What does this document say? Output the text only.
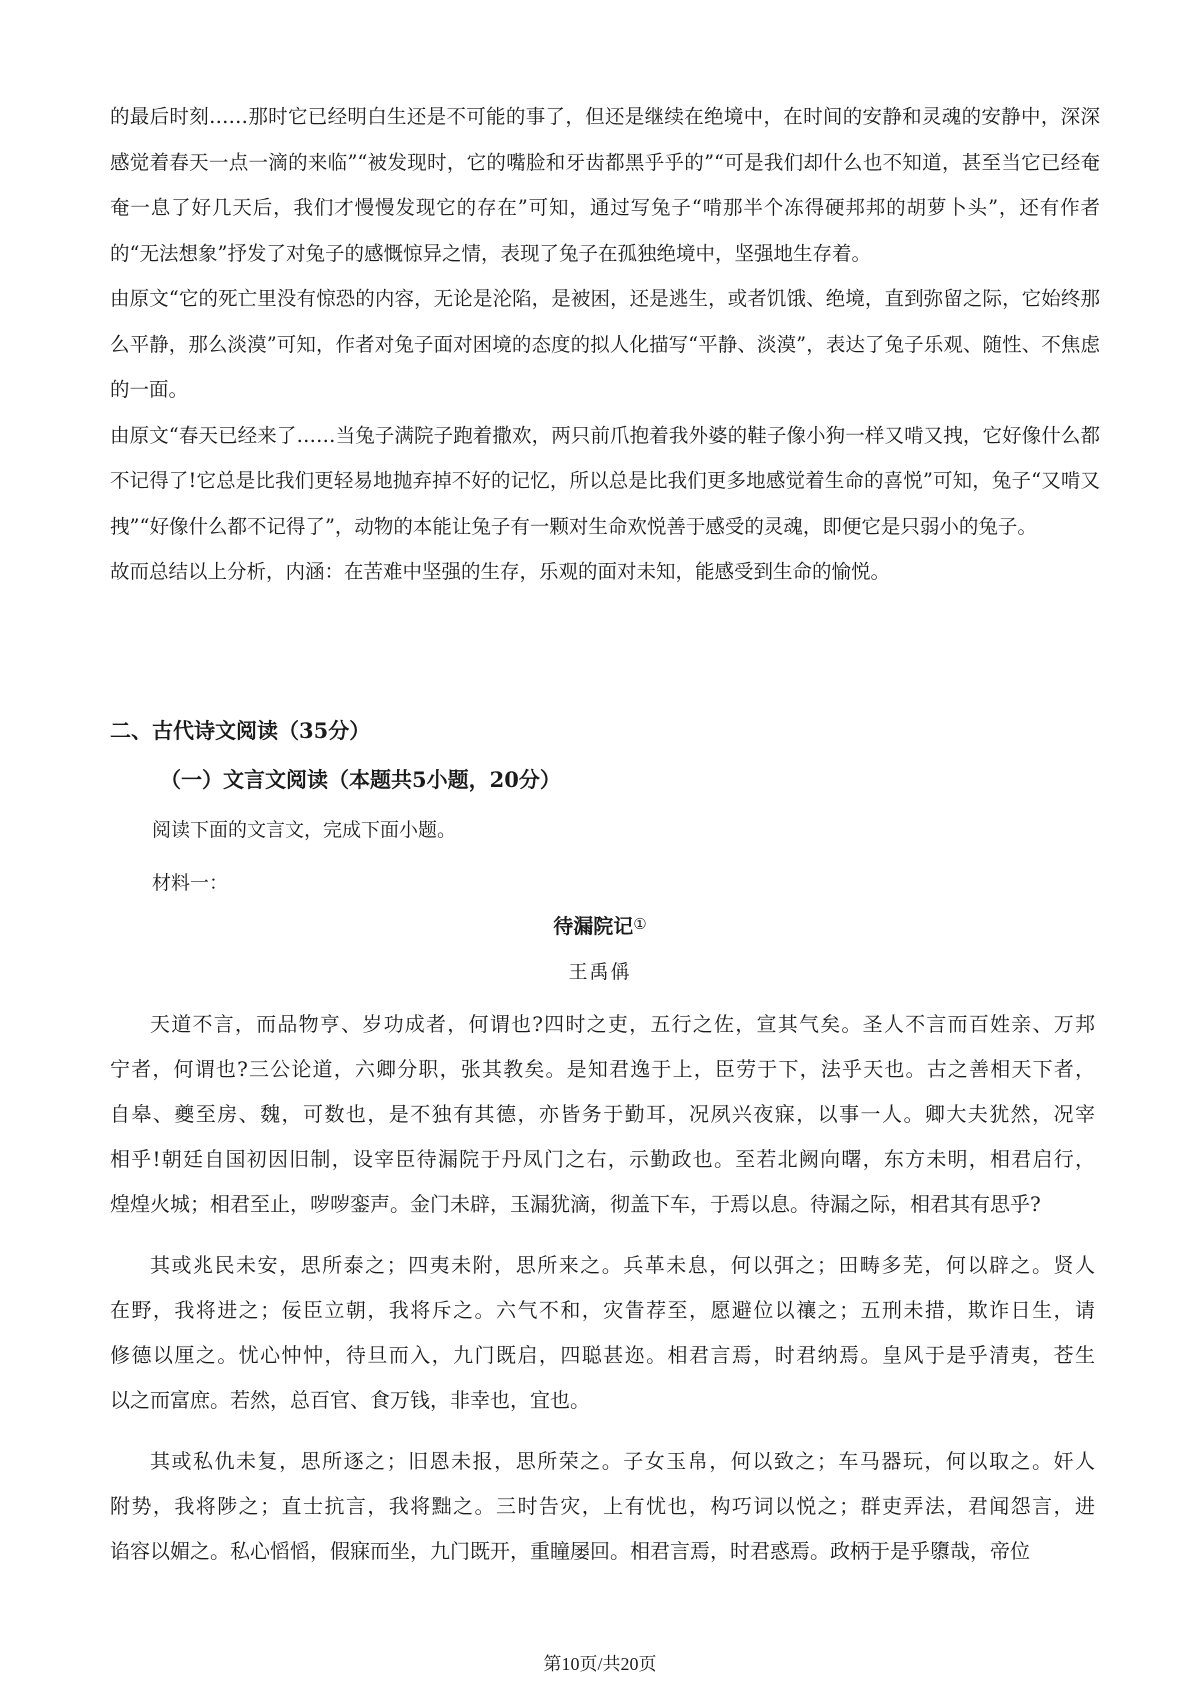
的最后时刻……那时它已经明白生还是不可能的事了，但还是继续在绝境中，在时间的安静和灵魂的安静中，深深感觉着春天一点一滴的来临”“被发现时，它的嘴脸和牙齿都黑乎乎的”“可是我们却什么也不知道，甚至当它已经奄奄一息了好几天后，我们才慢慢发现它的存在”可知，通过写兔子“啃那半个冻得硬邦邦的胡萝卜头”，还有作者的“无法想象”抒发了对兔子的感慨惊异之情，表现了兔子在孤独绝境中，坚强地生存着。

由原文“它的死亡里没有惊恐的内容，无论是沦陷，是被困，还是逃生，或者饥饿、绝境，直到弥留之际，它始终那么平静，那么淡漠”可知，作者对兔子面对困境的态度的拟人化描写“平静、淡漠”，表达了兔子乐观、随性、不焦虑的一面。

由原文“春天已经来了……当兔子满院子跑着撒欢，两只前爪抱着我外婆的鞋子像小狗一样又啃又拽，它好像什么都不记得了!它总是比我们更轻易地抛弃掉不好的记忆，所以总是比我们更多地感觉着生命的喜悦”可知，兔子“又啃又拽”“好像什么都不记得了”，动物的本能让兔子有一颗对生命欢悦善于感受的灵魂，即便它是只弱小的兔子。

故而总结以上分析，内涵：在苦难中坚强的生存，乐观的面对未知，能感受到生命的愉悦。

二、古代诗文阅读（35分）
（一）文言文阅读（本题共5小题，20分）
阅读下面的文言文，完成下面小题。
材料一：
待漏院记①
王禹偁
天道不言，而品物亨、岁功成者，何谓也?四时之吏，五行之佐，宣其气矣。圣人不言而百姓亲、万邦
宁者，何谓也?三公论道，六卿分职，张其教矣。是知君逸于上，臣劳于下，法乎天也。古之善相天下者，
自皋、夔至房、魏，可数也，是不独有其德，亦皆务于勤耳，况夙兴夜寐，以事一人。卿大夫犹然，况宰
相乎!朝廷自国初因旧制，设宰臣待漏院于丹凤门之右，示勤政也。至若北阙向曙，东方未明，相君启行，
煌煌火城；相君至止，哕哕銮声。金门未辟，玉漏犹滴，彻盖下车，于焉以息。待漏之际，相君其有思乎?
其或兆民未安，思所泰之；四夷未附，思所来之。兵革未息，何以弭之；田畴多芜，何以辟之。贤人
在野，我将进之；佞臣立朝，我将斥之。六气不和，灾眚荐至，愿避位以禳之；五刑未措，欺诈日生，请
修德以厘之。忧心忡忡，待旦而入，九门既启，四聪甚迩。相君言焉，时君纳焉。皇风于是乎清夷，苍生
以之而富庶。若然，总百官、食万钱，非幸也，宜也。
其或私仇未复，思所逐之；旧恩未报，思所荣之。子女玉帛，何以致之；车马器玩，何以取之。奸人
附势，我将陟之；直士抗言，我将黜之。三时告灾，上有忧也，构巧词以悦之；群吏弄法，君闻怨言，进
谄容以媚之。私心慆慆，假寐而坐，九门既开，重瞳屡回。相君言焉，时君惑焉。政柄于是乎隳哉，帝位
第10页/共20页
